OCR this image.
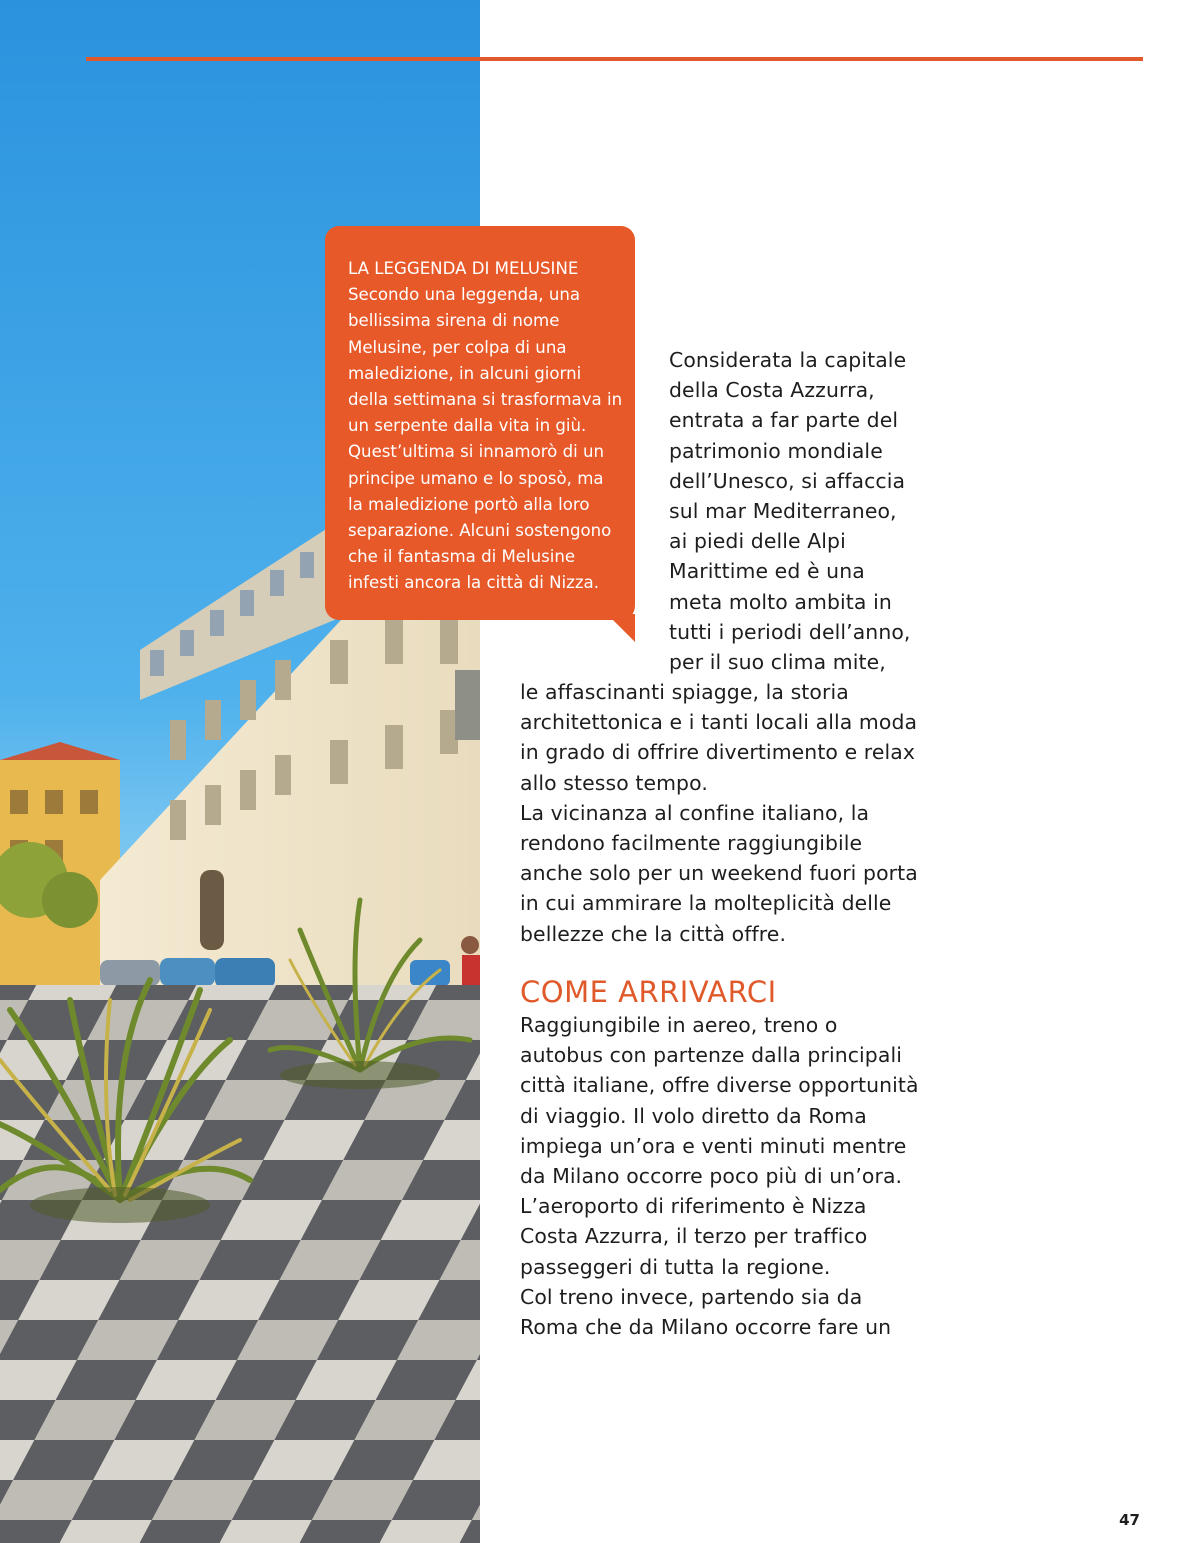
LA LEGGENDA DI MELUSINE
Secondo una leggenda, una bellissima sirena di nome Melusine, per colpa di una maledizione, in alcuni giorni della settimana si trasformava in un serpente dalla vita in giù. Quest’ultima si innamorò di un principe umano e lo sposò, ma la maledizione portò alla loro separazione. Alcuni sostengono che il fantasma di Melusine infesti ancora la città di Nizza.
Considerata la capitale
della Costa Azzurra,
entrata a far parte del
patrimonio mondiale
dell’Unesco, si affaccia
sul mar Mediterraneo,
ai piedi delle Alpi
Marittime ed è una
meta molto ambita in
tutti i periodi dell’anno,
per il suo clima mite,
le affascinanti spiagge, la storia
architettonica e i tanti locali alla moda
in grado di offrire divertimento e relax
allo stesso tempo.
La vicinanza al confine italiano, la
rendono facilmente raggiungibile
anche solo per un weekend fuori porta
in cui ammirare la molteplicità delle
bellezze che la città offre.
COME ARRIVARCI
Raggiungibile in aereo, treno o
autobus con partenze dalla principali
città italiane, offre diverse opportunità
di viaggio. Il volo diretto da Roma
impiega un’ora e venti minuti mentre
da Milano occorre poco più di un’ora.
L’aeroporto di riferimento è Nizza
Costa Azzurra, il terzo per traffico
passeggeri di tutta la regione.
Col treno invece, partendo sia da
Roma che da Milano occorre fare un
47
